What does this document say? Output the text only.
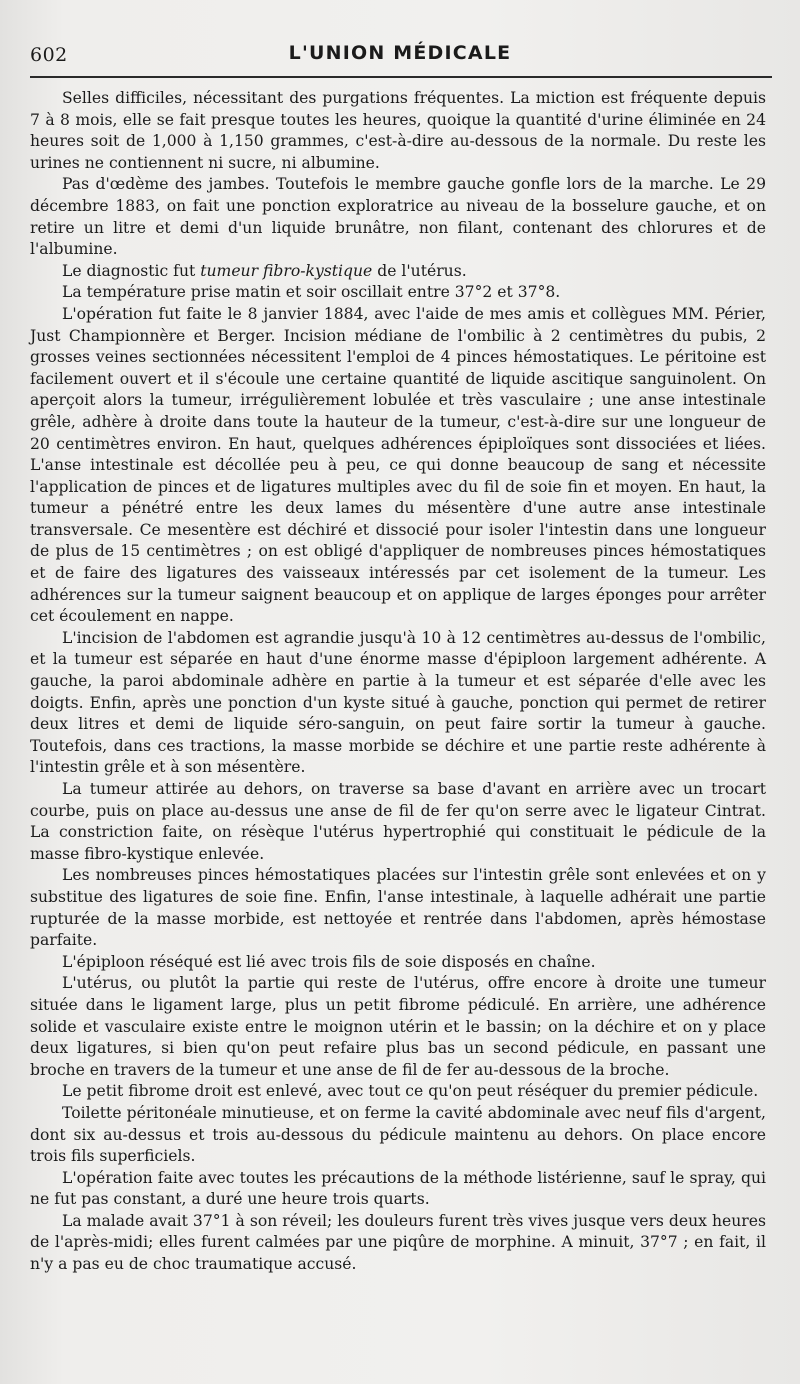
602	L'UNION MÉDICALE

Selles difficiles, nécessitant des purgations fréquentes. La miction est fréquente depuis 7 à 8 mois, elle se fait presque toutes les heures, quoique la quantité d'urine éliminée en 24 heures soit de 1,000 à 1,150 grammes, c'est-à-dire au-dessous de la normale. Du reste les urines ne contiennent ni sucre, ni albumine.

Pas d'œdème des jambes. Toutefois le membre gauche gonfle lors de la marche. Le 29 décembre 1883, on fait une ponction exploratrice au niveau de la bosselure gauche, et on retire un litre et demi d'un liquide brunâtre, non filant, contenant des chlorures et de l'albumine.

Le diagnostic fut tumeur fibro-kystique de l'utérus.

La température prise matin et soir oscillait entre 37°2 et 37°8.

L'opération fut faite le 8 janvier 1884, avec l'aide de mes amis et collègues MM. Périer, Just Championnère et Berger. Incision médiane de l'ombilic à 2 centimètres du pubis, 2 grosses veines sectionnées nécessitent l'emploi de 4 pinces hémostatiques. Le péritoine est facilement ouvert et il s'écoule une certaine quantité de liquide ascitique sanguinolent. On aperçoit alors la tumeur, irrégulièrement lobulée et très vasculaire ; une anse intestinale grêle, adhère à droite dans toute la hauteur de la tumeur, c'est-à-dire sur une longueur de 20 centimètres environ. En haut, quelques adhérences épiploïques sont dissociées et liées. L'anse intestinale est décollée peu à peu, ce qui donne beaucoup de sang et nécessite l'application de pinces et de ligatures multiples avec du fil de soie fin et moyen. En haut, la tumeur a pénétré entre les deux lames du mésentère d'une autre anse intestinale transversale. Ce mesentère est déchiré et dissocié pour isoler l'intestin dans une longueur de plus de 15 centimètres ; on est obligé d'appliquer de nombreuses pinces hémostatiques et de faire des ligatures des vaisseaux intéressés par cet isolement de la tumeur. Les adhérences sur la tumeur saignent beaucoup et on applique de larges éponges pour arrêter cet écoulement en nappe.

L'incision de l'abdomen est agrandie jusqu'à 10 à 12 centimètres au-dessus de l'ombilic, et la tumeur est séparée en haut d'une énorme masse d'épiploon largement adhérente. A gauche, la paroi abdominale adhère en partie à la tumeur et est séparée d'elle avec les doigts. Enfin, après une ponction d'un kyste situé à gauche, ponction qui permet de retirer deux litres et demi de liquide séro-sanguin, on peut faire sortir la tumeur à gauche. Toutefois, dans ces tractions, la masse morbide se déchire et une partie reste adhérente à l'intestin grêle et à son mésentère.

La tumeur attirée au dehors, on traverse sa base d'avant en arrière avec un trocart courbe, puis on place au-dessus une anse de fil de fer qu'on serre avec le ligateur Cintrat. La constriction faite, on résèque l'utérus hypertrophié qui constituait le pédicule de la masse fibro-kystique enlevée.

Les nombreuses pinces hémostatiques placées sur l'intestin grêle sont enlevées et on y substitue des ligatures de soie fine. Enfin, l'anse intestinale, à laquelle adhérait une partie rupturée de la masse morbide, est nettoyée et rentrée dans l'abdomen, après hémostase parfaite.

L'épiploon réséqué est lié avec trois fils de soie disposés en chaîne.

L'utérus, ou plutôt la partie qui reste de l'utérus, offre encore à droite une tumeur située dans le ligament large, plus un petit fibrome pédiculé. En arrière, une adhérence solide et vasculaire existe entre le moignon utérin et le bassin; on la déchire et on y place deux ligatures, si bien qu'on peut refaire plus bas un second pédicule, en passant une broche en travers de la tumeur et une anse de fil de fer au-dessous de la broche.

Le petit fibrome droit est enlevé, avec tout ce qu'on peut réséquer du premier pédicule.

Toilette péritonéale minutieuse, et on ferme la cavité abdominale avec neuf fils d'argent, dont six au-dessus et trois au-dessous du pédicule maintenu au dehors. On place encore trois fils superficiels.

L'opération faite avec toutes les précautions de la méthode listérienne, sauf le spray, qui ne fut pas constant, a duré une heure trois quarts.

La malade avait 37°1 à son réveil; les douleurs furent très vives jusque vers deux heures de l'après-midi; elles furent calmées par une piqûre de morphine. A minuit, 37°7 ; en fait, il n'y a pas eu de choc traumatique accusé.
